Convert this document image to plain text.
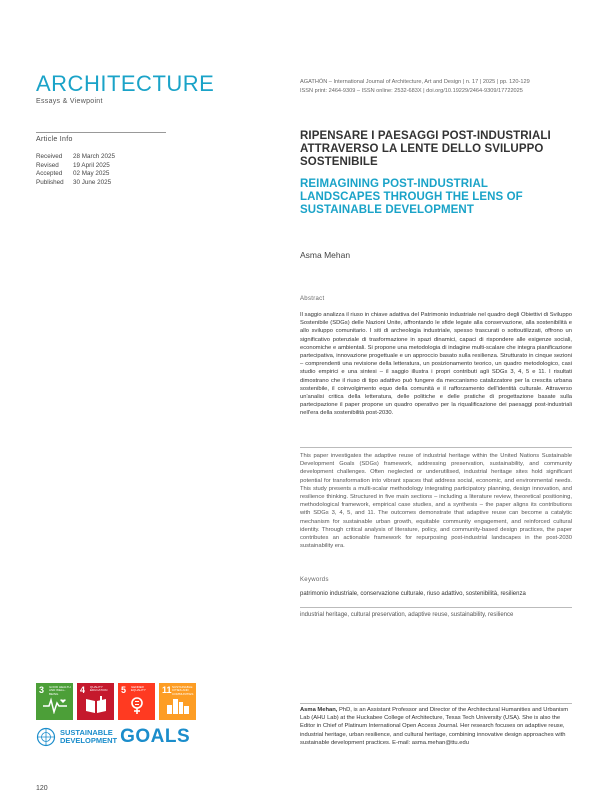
ARCHITECTURE
Essays & Viewpoint
AGATHÓN – International Journal of Architecture, Art and Design | n. 17 | 2025 | pp. 120-129
ISSN print: 2464-9309 – ISSN online: 2532-683X | doi.org/10.19229/2464-9309/17722025
Article Info
Received	28 March 2025
Revised	19 April 2025
Accepted	02 May 2025
Published	30 June 2025
RIPENSARE I PAESAGGI POST-INDUSTRIALI ATTRAVERSO LA LENTE DELLO SVILUPPO SOSTENIBILE
REIMAGINING POST-INDUSTRIAL LANDSCAPES THROUGH THE LENS OF SUSTAINABLE DEVELOPMENT
Asma Mehan
Abstract
Il saggio analizza il riuso in chiave adattiva del Patrimonio industriale nel quadro degli Obiettivi di Sviluppo Sostenibile (SDGs) delle Nazioni Unite, affrontando le sfide legate alla conservazione, alla sostenibilità e allo sviluppo comunitario. I siti di archeologia industriale, spesso trascurati o sottoutilizzati, offrono un significativo potenziale di trasformazione in spazi dinamici, capaci di rispondere alle esigenze sociali, economiche e ambientali. Si propone una metodologia di indagine multi-scalare che integra pianificazione partecipativa, innovazione progettuale e un approccio basato sulla resilienza. Strutturato in cinque sezioni – comprendenti una revisione della letteratura, un posizionamento teorico, un quadro metodologico, casi studio empirici e una sintesi – il saggio illustra i propri contributi agli SDGs 3, 4, 5 e 11. I risultati dimostrano che il riuso di tipo adattivo può fungere da meccanismo catalizzatore per la crescita urbana sostenibile, il coinvolgimento equo della comunità e il rafforzamento dell'identità culturale. Attraverso un'analisi critica della letteratura, delle politiche e delle pratiche di progettazione basate sulla partecipazione il paper propone un quadro operativo per la riqualificazione dei paesaggi post-industriali nell'era della sostenibilità post-2030.
This paper investigates the adaptive reuse of industrial heritage within the United Nations Sustainable Development Goals (SDGs) framework, addressing preservation, sustainability, and community development challenges. Often neglected or underutilised, industrial heritage sites hold significant potential for transformation into vibrant spaces that address social, economic, and environmental needs. This study presents a multi-scalar methodology integrating participatory planning, design innovation, and resilience thinking. Structured in five main sections – including a literature review, theoretical positioning, methodological framework, empirical case studies, and a synthesis – the paper aligns its contributions with SDGs 3, 4, 5, and 11. The outcomes demonstrate that adaptive reuse can become a catalytic mechanism for sustainable urban growth, equitable community engagement, and reinforced cultural identity. Through critical analysis of literature, policy, and community-based design practices, the paper contributes an actionable framework for repurposing post-industrial landscapes in the post-2030 sustainability era.
Keywords
patrimonio industriale, conservazione culturale, riuso adattivo, sostenibilità, resilienza
industrial heritage, cultural preservation, adaptive reuse, sustainability, resilience
Asma Mehan, PhD, is an Assistant Professor and Director of the Architectural Humanities and Urbanism Lab (AHU Lab) at the Huckabee College of Architecture, Texas Tech University (USA). She is also the Editor in Chief of Platinum International Open Access Journal. Her research focuses on adaptive reuse, industrial heritage, urban resilience, and cultural heritage, combining innovative design approaches with sustainable development practices. E-mail: asma.mehan@ttu.edu
3 GOOD HEALTH AND WELL-BEING	4 QUALITY EDUCATION	5 GENDER EQUALITY	11 SUSTAINABLE CITIES AND COMMUNITIES
SUSTAINABLE
DEVELOPMENT GOALS
120
